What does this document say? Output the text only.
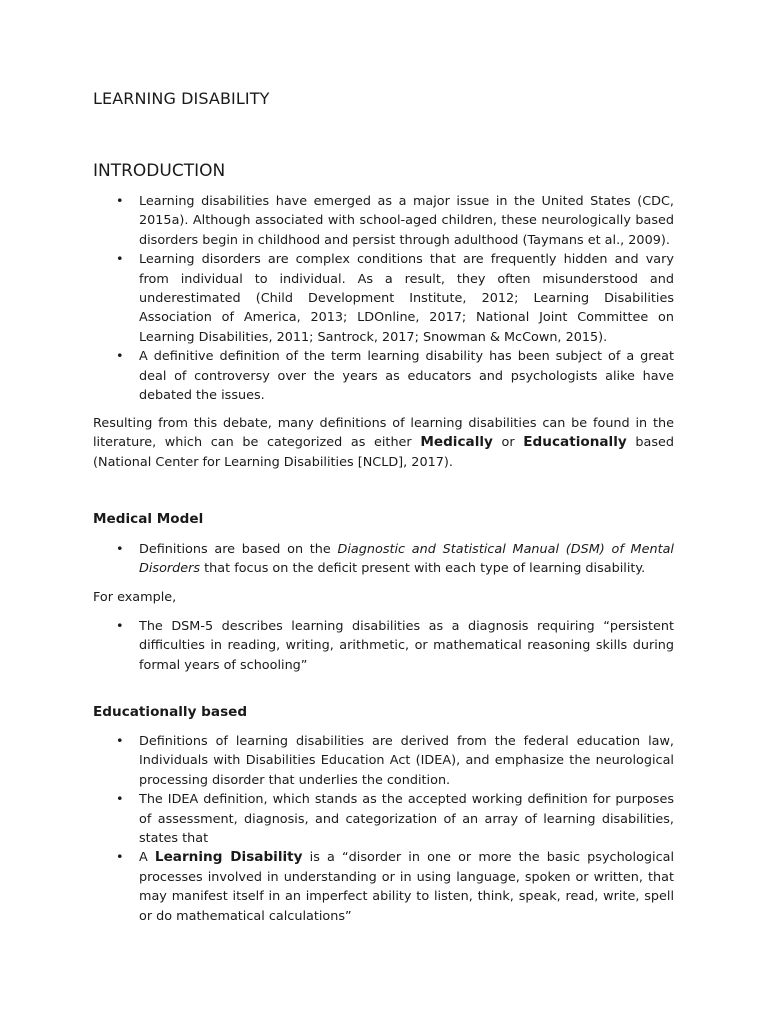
LEARNING DISABILITY
INTRODUCTION
• Learning disabilities have emerged as a major issue in the United States (CDC, 2015a). Although associated with school-aged children, these neurologically based disorders begin in childhood and persist through adulthood (Taymans et al., 2009).
• Learning disorders are complex conditions that are frequently hidden and vary from individual to individual. As a result, they often misunderstood and underestimated (Child Development Institute, 2012; Learning Disabilities Association of America, 2013; LDOnline, 2017; National Joint Committee on Learning Disabilities, 2011; Santrock, 2017; Snowman & McCown, 2015).
• A definitive definition of the term learning disability has been subject of a great deal of controversy over the years as educators and psychologists alike have debated the issues.

Resulting from this debate, many definitions of learning disabilities can be found in the literature, which can be categorized as either Medically or Educationally based (National Center for Learning Disabilities [NCLD], 2017).

Medical Model
• Definitions are based on the Diagnostic and Statistical Manual (DSM) of Mental Disorders that focus on the deficit present with each type of learning disability.

For example,

• The DSM-5 describes learning disabilities as a diagnosis requiring “persistent difficulties in reading, writing, arithmetic, or mathematical reasoning skills during formal years of schooling”
Educationally based
• Definitions of learning disabilities are derived from the federal education law, Individuals with Disabilities Education Act (IDEA), and emphasize the neurological processing disorder that underlies the condition.
• The IDEA definition, which stands as the accepted working definition for purposes of assessment, diagnosis, and categorization of an array of learning disabilities, states that
• A Learning Disability is a “disorder in one or more the basic psychological processes involved in understanding or in using language, spoken or written, that may manifest itself in an imperfect ability to listen, think, speak, read, write, spell or do mathematical calculations”
